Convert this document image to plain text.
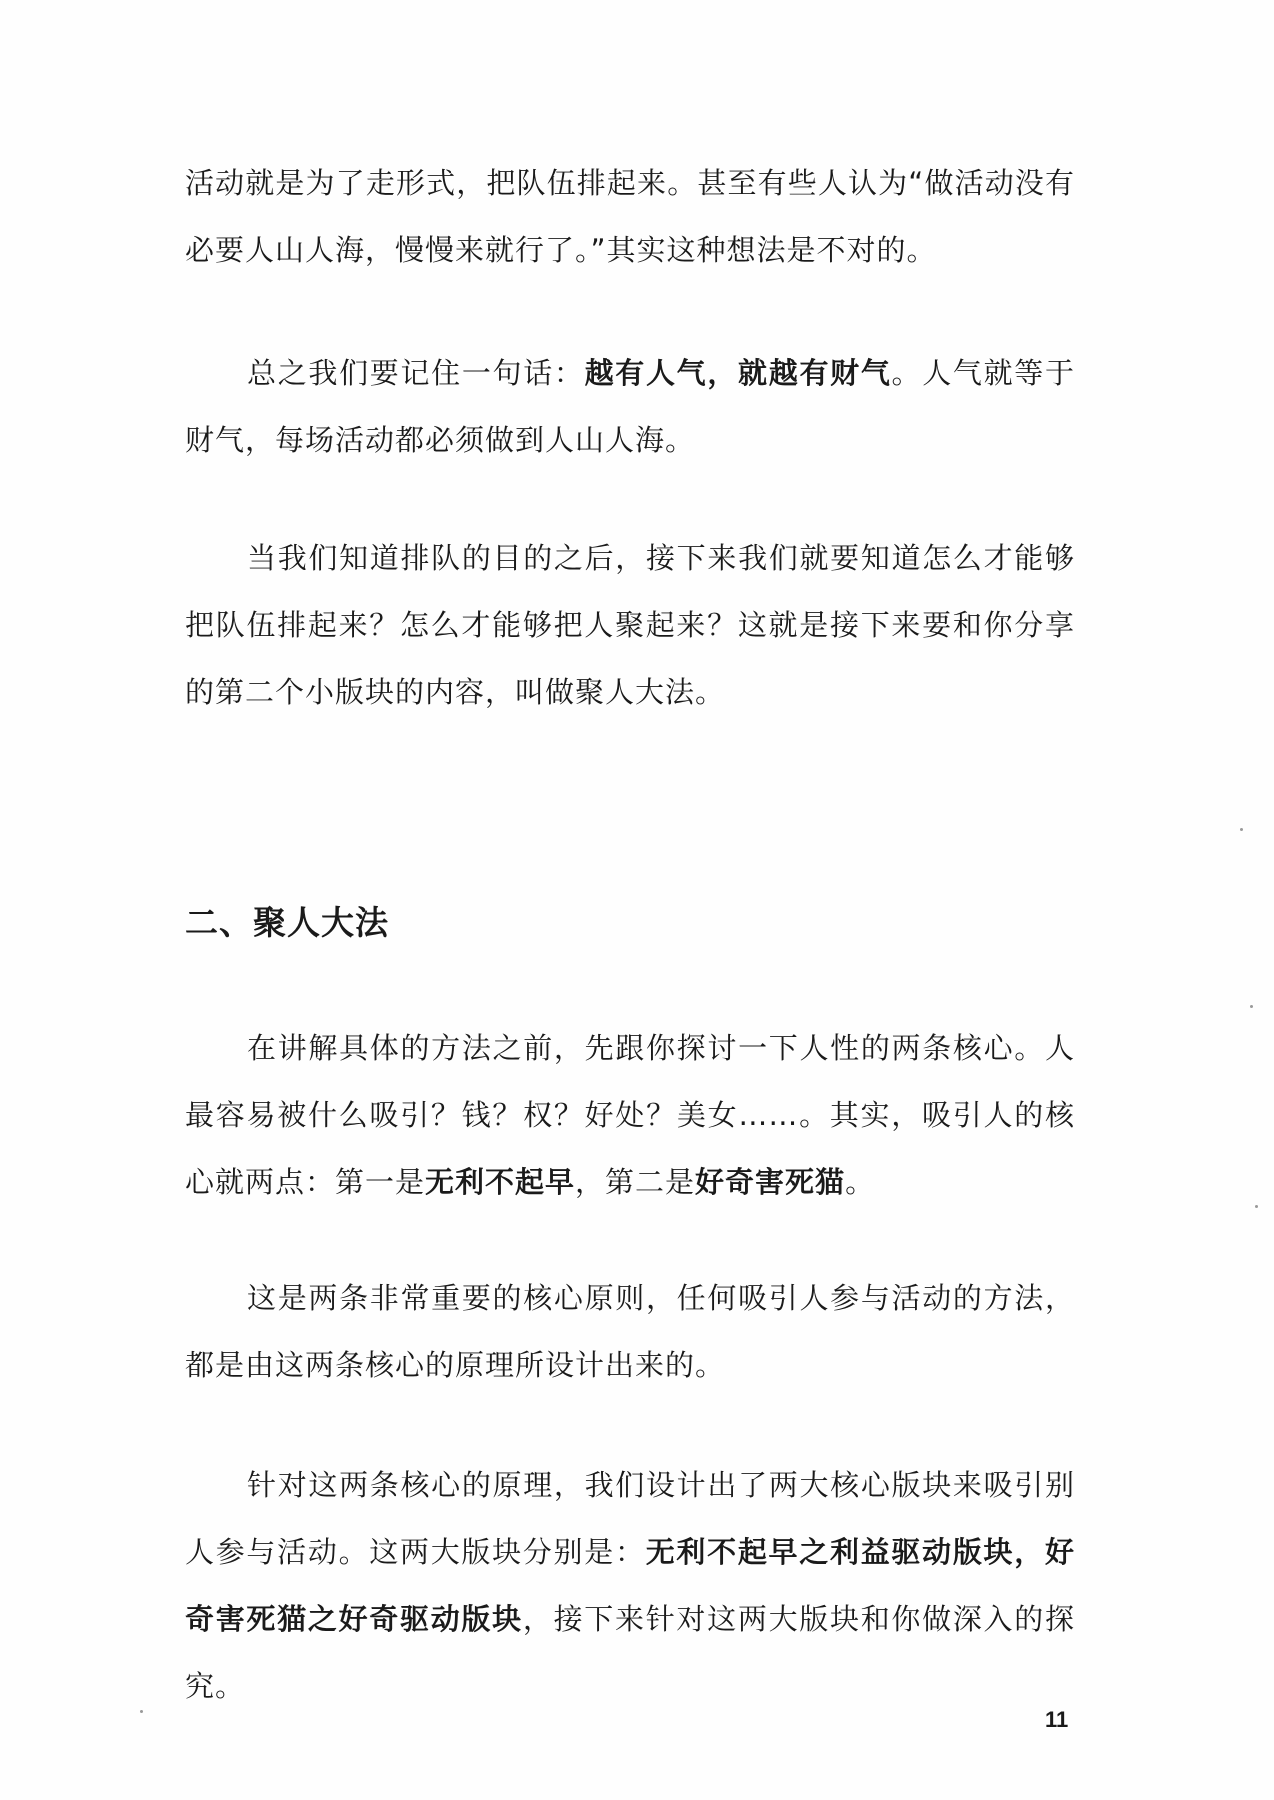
活动就是为了走形式，把队伍排起来。甚至有些人认为“做活动没有必要人山人海，慢慢来就行了。”其实这种想法是不对的。

总之我们要记住一句话：越有人气，就越有财气。人气就等于财气，每场活动都必须做到人山人海。

当我们知道排队的目的之后，接下来我们就要知道怎么才能够把队伍排起来？怎么才能够把人聚起来？这就是接下来要和你分享的第二个小版块的内容，叫做聚人大法。

二、聚人大法

在讲解具体的方法之前，先跟你探讨一下人性的两条核心。人最容易被什么吸引？钱？权？好处？美女……。其实，吸引人的核心就两点：第一是无利不起早，第二是好奇害死猫。

这是两条非常重要的核心原则，任何吸引人参与活动的方法，都是由这两条核心的原理所设计出来的。

针对这两条核心的原理，我们设计出了两大核心版块来吸引别人参与活动。这两大版块分别是：无利不起早之利益驱动版块，好奇害死猫之好奇驱动版块，接下来针对这两大版块和你做深入的探究。

11
